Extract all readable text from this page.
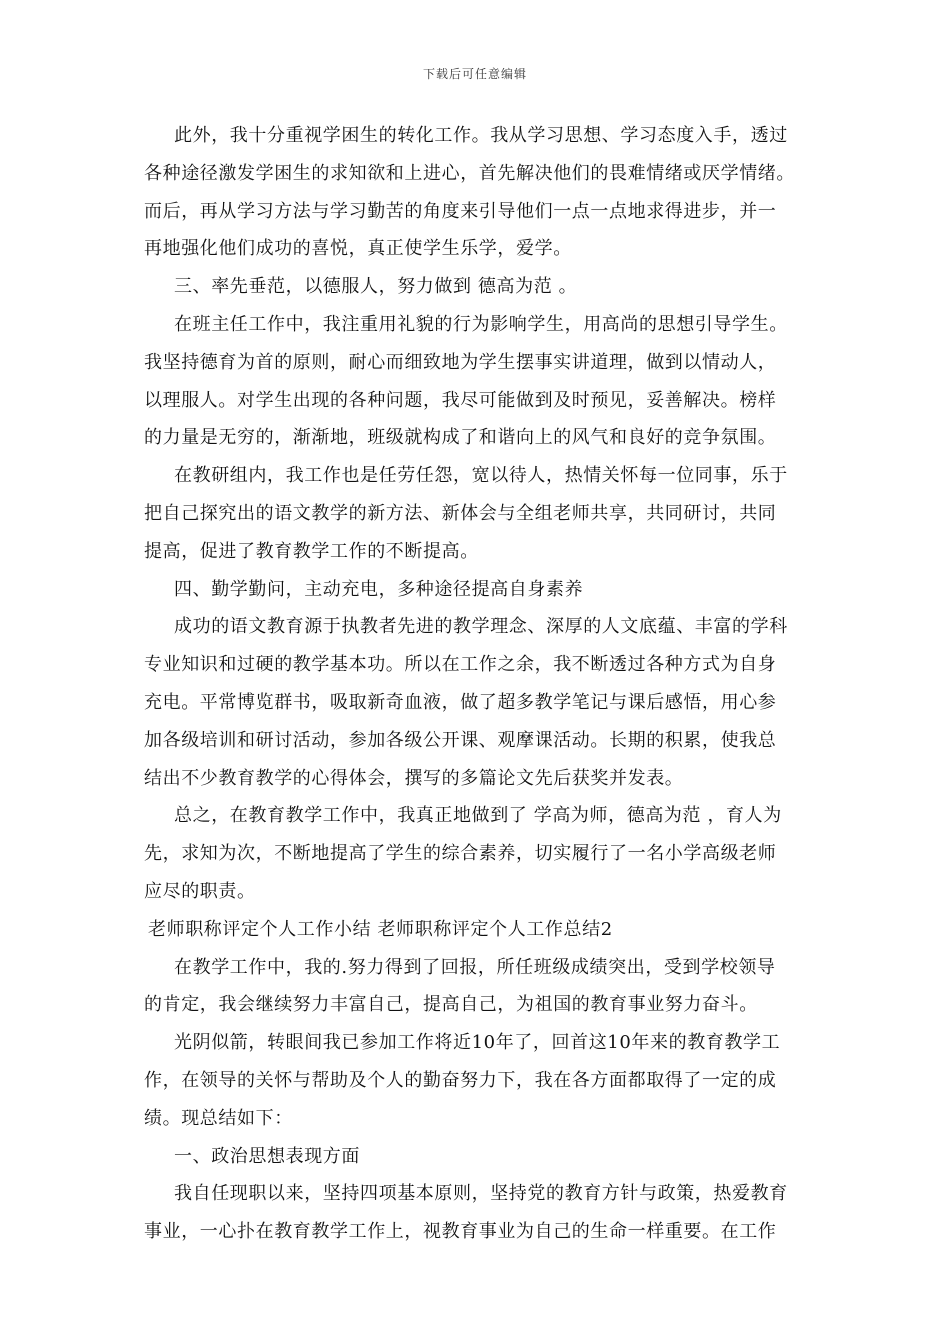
下载后可任意编辑
此外，我十分重视学困生的转化工作。我从学习思想、学习态度入手，透过
各种途径激发学困生的求知欲和上进心，首先解决他们的畏难情绪或厌学情绪。
而后，再从学习方法与学习勤苦的角度来引导他们一点一点地求得进步，并一
再地强化他们成功的喜悦，真正使学生乐学，爱学。
三、率先垂范，以德服人，努力做到 德高为范 。
在班主任工作中，我注重用礼貌的行为影响学生，用高尚的思想引导学生。
我坚持德育为首的原则，耐心而细致地为学生摆事实讲道理，做到以情动人，
以理服人。对学生出现的各种问题，我尽可能做到及时预见，妥善解决。榜样
的力量是无穷的，渐渐地，班级就构成了和谐向上的风气和良好的竞争氛围。
在教研组内，我工作也是任劳任怨，宽以待人，热情关怀每一位同事，乐于
把自己探究出的语文教学的新方法、新体会与全组老师共享，共同研讨，共同
提高，促进了教育教学工作的不断提高。
四、勤学勤问，主动充电，多种途径提高自身素养
成功的语文教育源于执教者先进的教学理念、深厚的人文底蕴、丰富的学科
专业知识和过硬的教学基本功。所以在工作之余，我不断透过各种方式为自身
充电。平常博览群书，吸取新奇血液，做了超多教学笔记与课后感悟，用心参
加各级培训和研讨活动，参加各级公开课、观摩课活动。长期的积累，使我总
结出不少教育教学的心得体会，撰写的多篇论文先后获奖并发表。
总之，在教育教学工作中，我真正地做到了 学高为师，德高为范 ，育人为
先，求知为次，不断地提高了学生的综合素养，切实履行了一名小学高级老师
应尽的职责。
老师职称评定个人工作小结 老师职称评定个人工作总结2
在教学工作中，我的.努力得到了回报，所任班级成绩突出，受到学校领导
的肯定，我会继续努力丰富自己，提高自己，为祖国的教育事业努力奋斗。
光阴似箭，转眼间我已参加工作将近10年了，回首这10年来的教育教学工
作，在领导的关怀与帮助及个人的勤奋努力下，我在各方面都取得了一定的成
绩。现总结如下：
一、政治思想表现方面
我自任现职以来，坚持四项基本原则，坚持党的教育方针与政策，热爱教育
事业，一心扑在教育教学工作上，视教育事业为自己的生命一样重要。在工作
